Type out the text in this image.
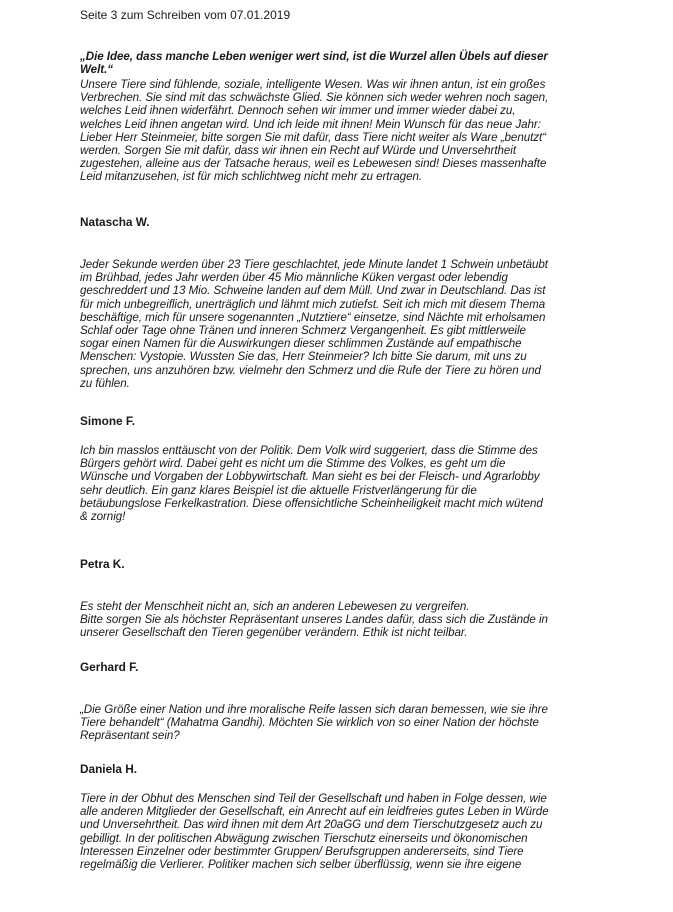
Seite 3 zum Schreiben vom 07.01.2019
„Die Idee, dass manche Leben weniger wert sind, ist die Wurzel allen Übels auf dieser
Welt.“
Unsere Tiere sind fühlende, soziale, intelligente Wesen. Was wir ihnen antun, ist ein großes
Verbrechen. Sie sind mit das schwächste Glied. Sie können sich weder wehren noch sagen,
welches Leid ihnen widerfährt. Dennoch sehen wir immer und immer wieder dabei zu,
welches Leid ihnen angetan wird. Und ich leide mit ihnen! Mein Wunsch für das neue Jahr:
Lieber Herr Steinmeier, bitte sorgen Sie mit dafür, dass Tiere nicht weiter als Ware „benutzt“
werden. Sorgen Sie mit dafür, dass wir ihnen ein Recht auf Würde und Unversehrtheit
zugestehen, alleine aus der Tatsache heraus, weil es Lebewesen sind! Dieses massenhafte
Leid mitanzusehen, ist für mich schlichtweg nicht mehr zu ertragen.
Natascha W.
Jeder Sekunde werden über 23 Tiere geschlachtet, jede Minute landet 1 Schwein unbetäubt
im Brühbad, jedes Jahr werden über 45 Mio männliche Küken vergast oder lebendig
geschreddert und 13 Mio. Schweine landen auf dem Müll. Und zwar in Deutschland. Das ist
für mich unbegreiflich, unerträglich und lähmt mich zutiefst. Seit ich mich mit diesem Thema
beschäftige, mich für unsere sogenannten „Nutztiere“ einsetze, sind Nächte mit erholsamen
Schlaf oder Tage ohne Tränen und inneren Schmerz Vergangenheit. Es gibt mittlerweile
sogar einen Namen für die Auswirkungen dieser schlimmen Zustände auf empathische
Menschen: Vystopie. Wussten Sie das, Herr Steinmeier? Ich bitte Sie darum, mit uns zu
sprechen, uns anzuhören bzw. vielmehr den Schmerz und die Rufe der Tiere zu hören und
zu fühlen.
Simone F.
Ich bin masslos enttäuscht von der Politik. Dem Volk wird suggeriert, dass die Stimme des
Bürgers gehört wird. Dabei geht es nicht um die Stimme des Volkes, es geht um die
Wünsche und Vorgaben der Lobbywirtschaft. Man sieht es bei der Fleisch- und Agrarlobby
sehr deutlich. Ein ganz klares Beispiel ist die aktuelle Fristverlängerung für die
betäubungslose Ferkelkastration. Diese offensichtliche Scheinheiligkeit macht mich wütend
& zornig!
Petra K.
Es steht der Menschheit nicht an, sich an anderen Lebewesen zu vergreifen.
Bitte sorgen Sie als höchster Repräsentant unseres Landes dafür, dass sich die Zustände in
unserer Gesellschaft den Tieren gegenüber verändern. Ethik ist nicht teilbar.
Gerhard F.
„Die Größe einer Nation und ihre moralische Reife lassen sich daran bemessen, wie sie ihre
Tiere behandelt“ (Mahatma Gandhi). Möchten Sie wirklich von so einer Nation der höchste
Repräsentant sein?
Daniela H.
Tiere in der Obhut des Menschen sind Teil der Gesellschaft und haben in Folge dessen, wie
alle anderen Mitglieder der Gesellschaft, ein Anrecht auf ein leidfreies gutes Leben in Würde
und Unversehrtheit. Das wird ihnen mit dem Art 20aGG und dem Tierschutzgesetz auch zu
gebilligt. In der politischen Abwägung zwischen Tierschutz einerseits und ökonomischen
Interessen Einzelner oder bestimmter Gruppen/ Berufsgruppen andererseits, sind Tiere
regelmäßig die Verlierer. Politiker machen sich selber überflüssig, wenn sie ihre eigene
